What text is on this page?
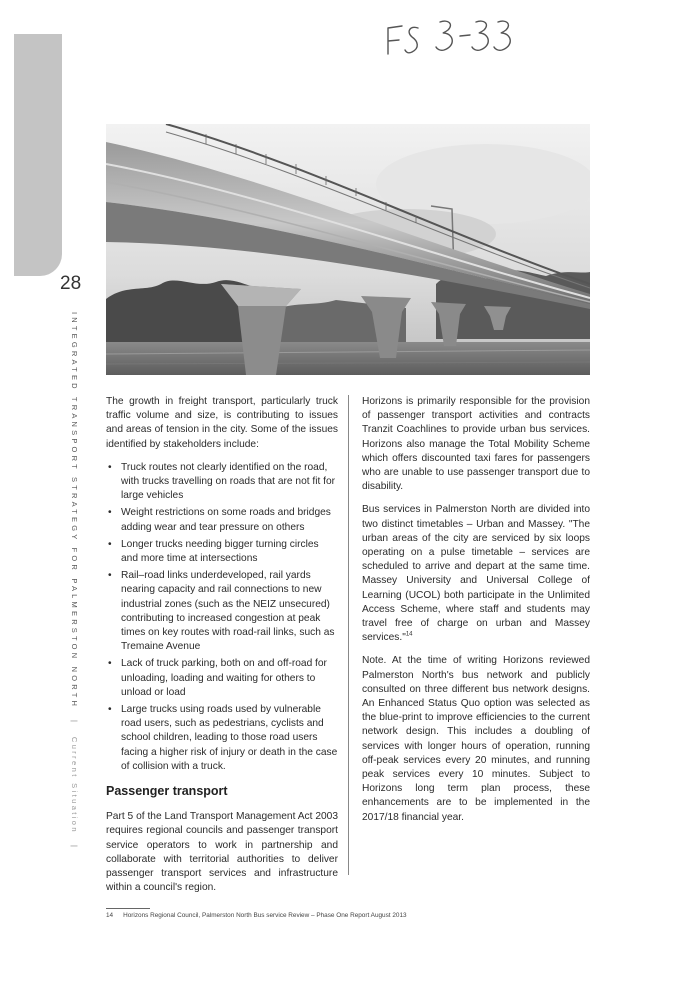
28
INTEGRATED TRANSPORT STRATEGY FOR PALMERSTON NORTH | Current Situation |

The growth in freight transport, particularly truck traffic volume and size, is contributing to issues and areas of tension in the city. Some of the issues identified by stakeholders include:

• Truck routes not clearly identified on the road, with trucks travelling on roads that are not fit for large vehicles
• Weight restrictions on some roads and bridges adding wear and tear pressure on others
• Longer trucks needing bigger turning circles and more time at intersections
• Rail–road links underdeveloped, rail yards nearing capacity and rail connections to new industrial zones (such as the NEIZ unsecured) contributing to increased congestion at peak times on key routes with road-rail links, such as Tremaine Avenue
• Lack of truck parking, both on and off-road for unloading, loading and waiting for others to unload or load
• Large trucks using roads used by vulnerable road users, such as pedestrians, cyclists and school children, leading to those road users facing a higher risk of injury or death in the case of collision with a truck.
Passenger transport

Part 5 of the Land Transport Management Act 2003 requires regional councils and passenger transport service operators to work in partnership and collaborate with territorial authorities to deliver passenger transport services and infrastructure within a council's region.

Horizons is primarily responsible for the provision of passenger transport activities and contracts Tranzit Coachlines to provide urban bus services. Horizons also manage the Total Mobility Scheme which offers discounted taxi fares for passengers who are unable to use passenger transport due to disability.

Bus services in Palmerston North are divided into two distinct timetables – Urban and Massey. "The urban areas of the city are serviced by six loops operating on a pulse timetable – services are scheduled to arrive and depart at the same time. Massey University and Universal College of Learning (UCOL) both participate in the Unlimited Access Scheme, where staff and students may travel free of charge on urban and Massey services."$^{14}$

Note. At the time of writing Horizons reviewed Palmerston North's bus network and publicly consulted on three different bus network designs. An Enhanced Status Quo option was selected as the blue-print to improve efficiencies to the current network design. This includes a doubling of services with longer hours of operation, running off-peak services every 20 minutes, and running peak services every 10 minutes. Subject to Horizons long term plan process, these enhancements are to be implemented in the 2017/18 financial year.

14 Horizons Regional Council, Palmerston North Bus service Review – Phase One Report August 2013
